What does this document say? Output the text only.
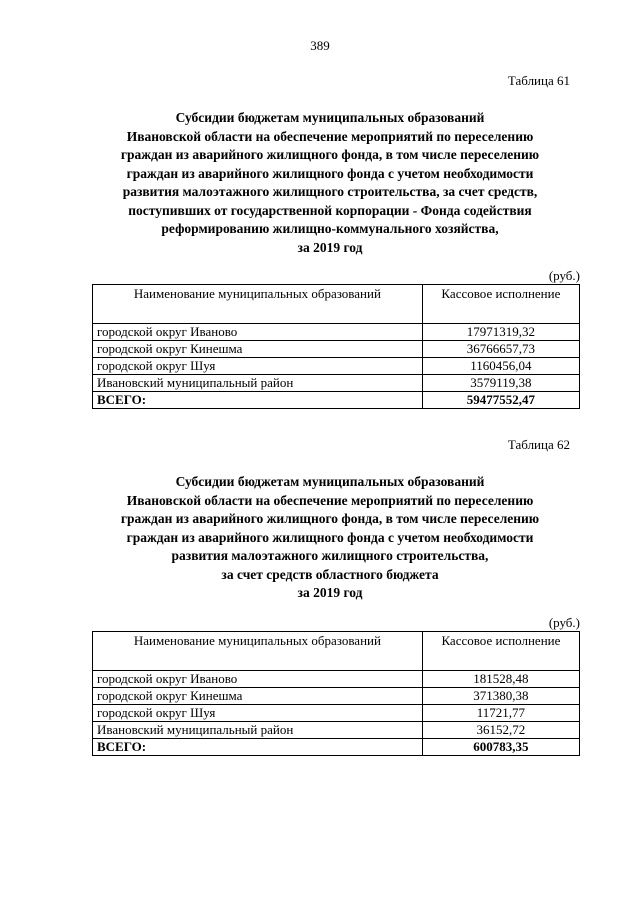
389
Таблица 61
Субсидии бюджетам муниципальных образований
Ивановской области на обеспечение мероприятий по переселению
граждан из аварийного жилищного фонда, в том числе переселению
граждан из аварийного жилищного фонда с учетом необходимости
развития малоэтажного жилищного строительства, за счет средств,
поступивших от государственной корпорации - Фонда содействия
реформированию жилищно-коммунального хозяйства,
за 2019 год
(руб.)
Наименование муниципальных образований	Кассовое исполнение
городской округ Иваново	17971319,32
городской округ Кинешма	36766657,73
городской округ Шуя	1160456,04
Ивановский муниципальный район	3579119,38
ВСЕГО:	59477552,47
Таблица 62
Субсидии бюджетам муниципальных образований
Ивановской области на обеспечение мероприятий по переселению
граждан из аварийного жилищного фонда, в том числе переселению
граждан из аварийного жилищного фонда с учетом необходимости
развития малоэтажного жилищного строительства,
за счет средств областного бюджета
за 2019 год
(руб.)
Наименование муниципальных образований	Кассовое исполнение
городской округ Иваново	181528,48
городской округ Кинешма	371380,38
городской округ Шуя	11721,77
Ивановский муниципальный район	36152,72
ВСЕГО:	600783,35
